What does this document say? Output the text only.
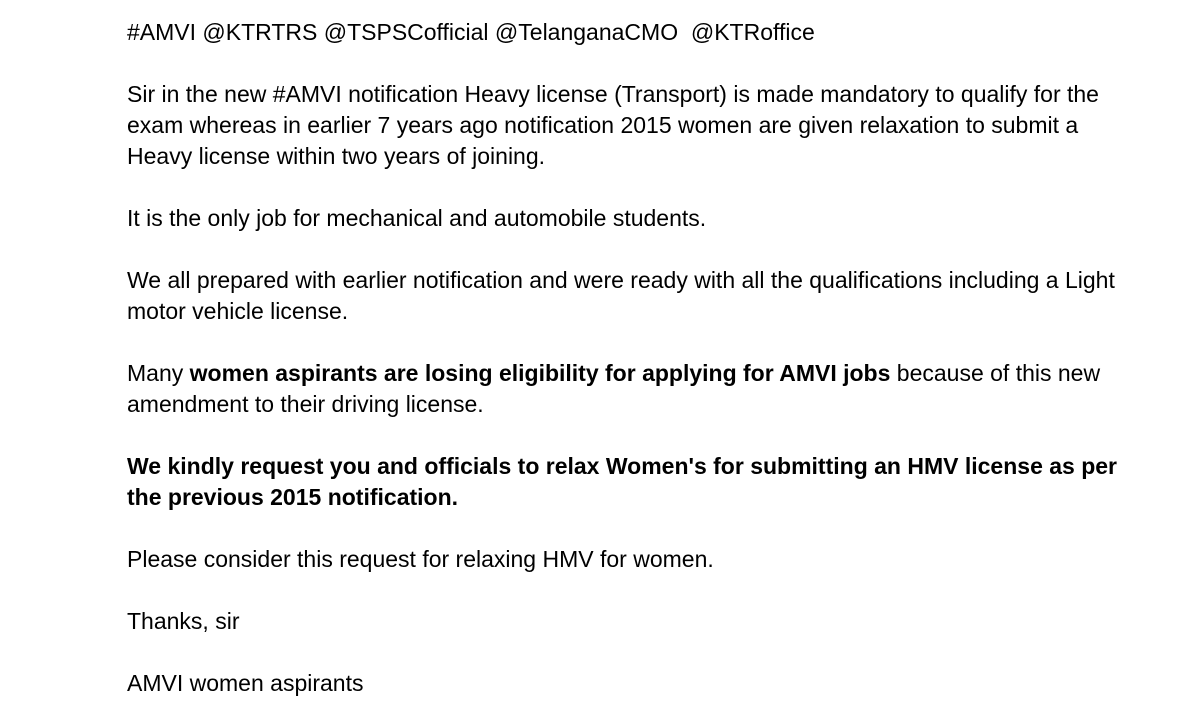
#AMVI @KTRTRS @TSPSCofficial @TelanganaCMO  @KTRoffice

Sir in the new #AMVI notification Heavy license (Transport) is made mandatory to qualify for the exam whereas in earlier 7 years ago notification 2015 women are given relaxation to submit a Heavy license within two years of joining.

It is the only job for mechanical and automobile students.

We all prepared with earlier notification and were ready with all the qualifications including a Light motor vehicle license.

Many women aspirants are losing eligibility for applying for AMVI jobs because of this new amendment to their driving license.

We kindly request you and officials to relax Women's for submitting an HMV license as per the previous 2015 notification.

Please consider this request for relaxing HMV for women.

Thanks, sir

AMVI women aspirants
